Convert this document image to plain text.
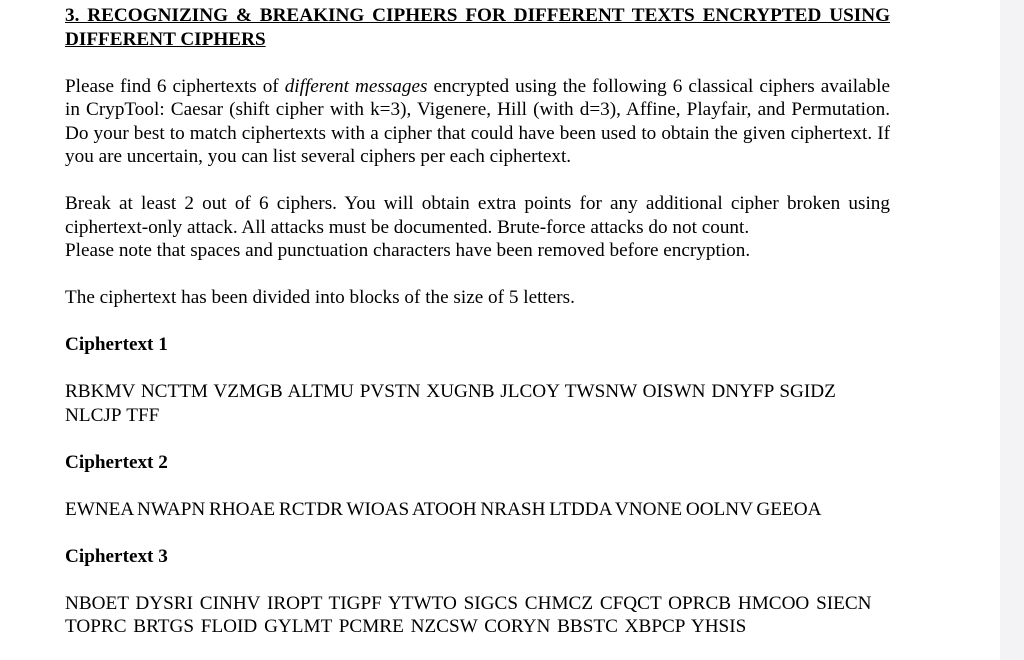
3. RECOGNIZING & BREAKING CIPHERS FOR DIFFERENT TEXTS ENCRYPTED USING DIFFERENT CIPHERS

Please find 6 ciphertexts of different messages encrypted using the following 6 classical ciphers available in CrypTool: Caesar (shift cipher with k=3), Vigenere, Hill (with d=3), Affine, Playfair, and Permutation. Do your best to match ciphertexts with a cipher that could have been used to obtain the given ciphertext. If you are uncertain, you can list several ciphers per each ciphertext.

Break at least 2 out of 6 ciphers. You will obtain extra points for any additional cipher broken using ciphertext-only attack. All attacks must be documented. Brute-force attacks do not count.

Please note that spaces and punctuation characters have been removed before encryption.

The ciphertext has been divided into blocks of the size of 5 letters.

Ciphertext 1

RBKMV NCTTM VZMGB ALTMU PVSTN XUGNB JLCOY TWSNW OISWN DNYFP SGIDZ NLCJP TFF

Ciphertext 2

EWNEA NWAPN RHOAE RCTDR WIOAS ATOOH NRASH LTDDA VNONE OOLNV GEEOA

Ciphertext 3

NBOET DYSRI CINHV IROPT TIGPF YTWTO SIGCS CHMCZ CFQCT OPRCB HMCOO SIECN TOPRC BRTGS FLOID GYLMT PCMRE NZCSW CORYN BBSTC XBPCP YHSIS
